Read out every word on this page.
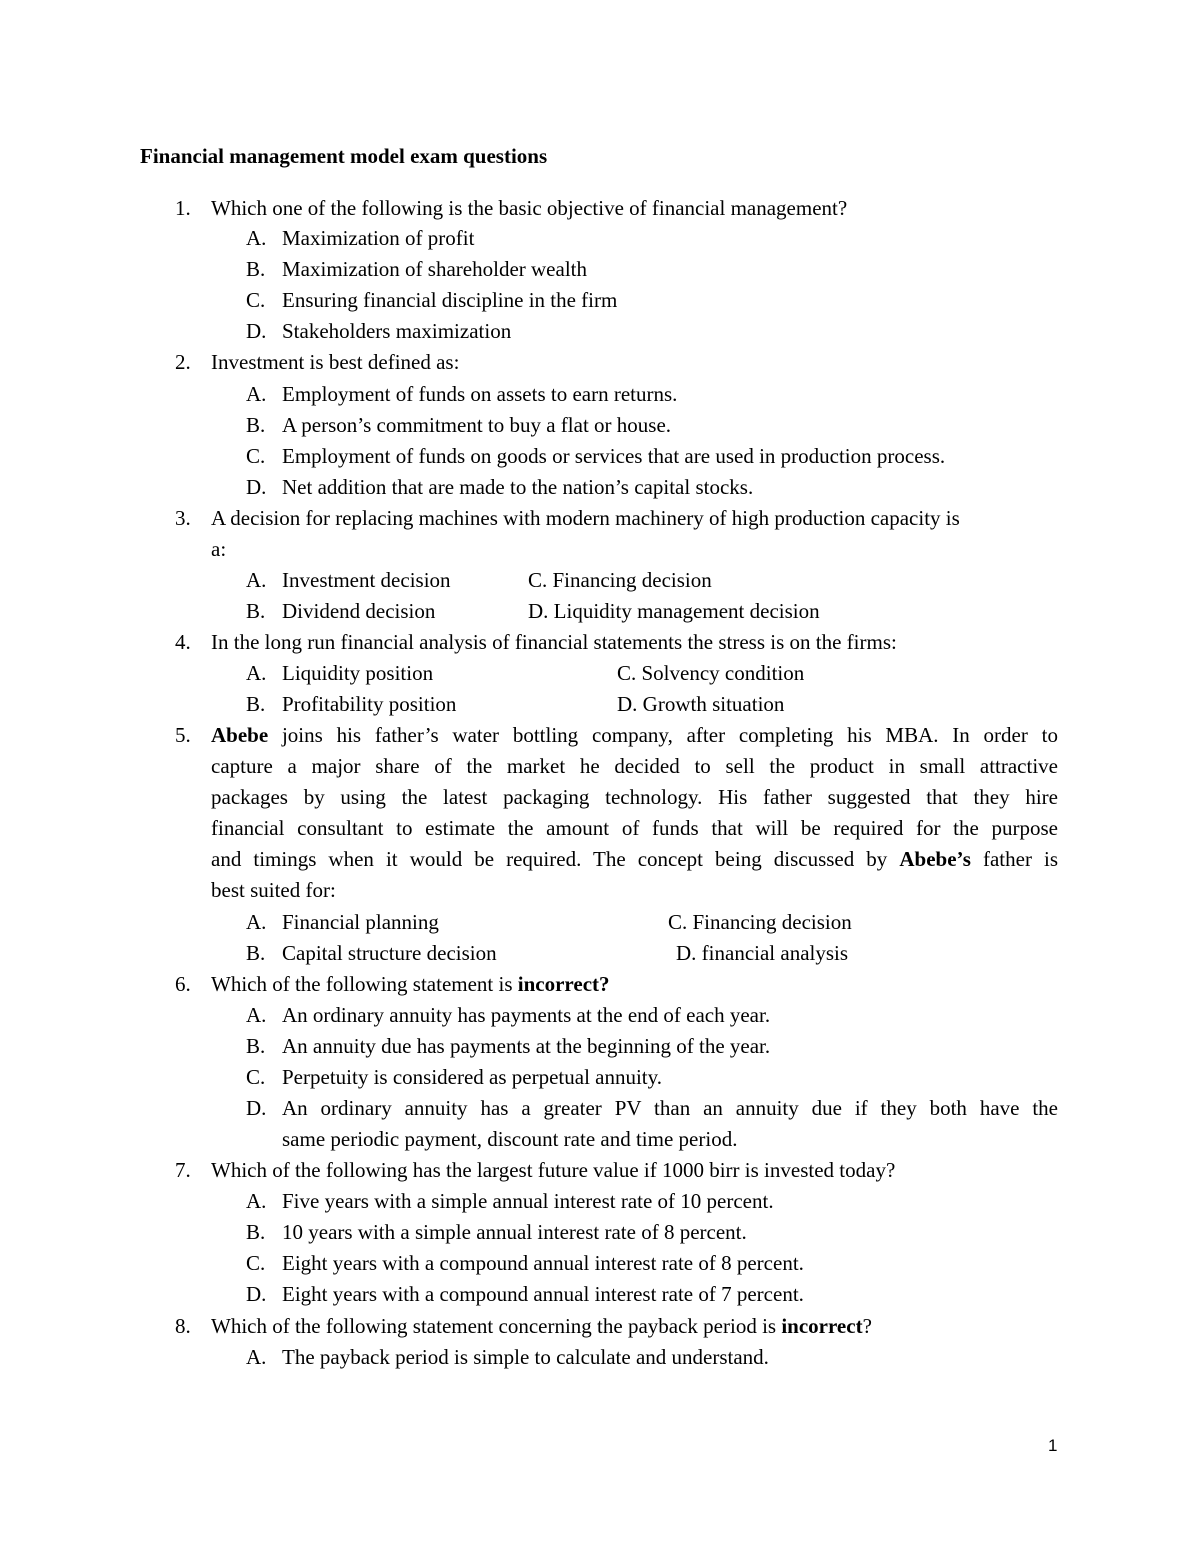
Financial management model exam questions
1. Which one of the following is the basic objective of financial management?
A. Maximization of profit
B. Maximization of shareholder wealth
C. Ensuring financial discipline in the firm
D. Stakeholders maximization
2. Investment is best defined as:
A. Employment of funds on assets to earn returns.
B. A person’s commitment to buy a flat or house.
C. Employment of funds on goods or services that are used in production process.
D. Net addition that are made to the nation’s capital stocks.
3. A decision for replacing machines with modern machinery of high production capacity is
a:
A. Investment decision	C. Financing decision
B. Dividend decision	D. Liquidity management decision
4. In the long run financial analysis of financial statements the stress is on the firms:
A. Liquidity position	C. Solvency condition
B. Profitability position	D. Growth situation
5. Abebe joins his father’s water bottling company, after completing his MBA. In order to
capture a major share of the market he decided to sell the product in small attractive
packages by using the latest packaging technology. His father suggested that they hire
financial consultant to estimate the amount of funds that will be required for the purpose
and timings when it would be required. The concept being discussed by Abebe’s father is
best suited for:
A. Financial planning	C. Financing decision
B. Capital structure decision	D. financial analysis
6. Which of the following statement is incorrect?
A. An ordinary annuity has payments at the end of each year.
B. An annuity due has payments at the beginning of the year.
C. Perpetuity is considered as perpetual annuity.
D. An ordinary annuity has a greater PV than an annuity due if they both have the
same periodic payment, discount rate and time period.
7. Which of the following has the largest future value if 1000 birr is invested today?
A. Five years with a simple annual interest rate of 10 percent.
B. 10 years with a simple annual interest rate of 8 percent.
C. Eight years with a compound annual interest rate of 8 percent.
D. Eight years with a compound annual interest rate of 7 percent.
8. Which of the following statement concerning the payback period is incorrect?
A. The payback period is simple to calculate and understand.
1
